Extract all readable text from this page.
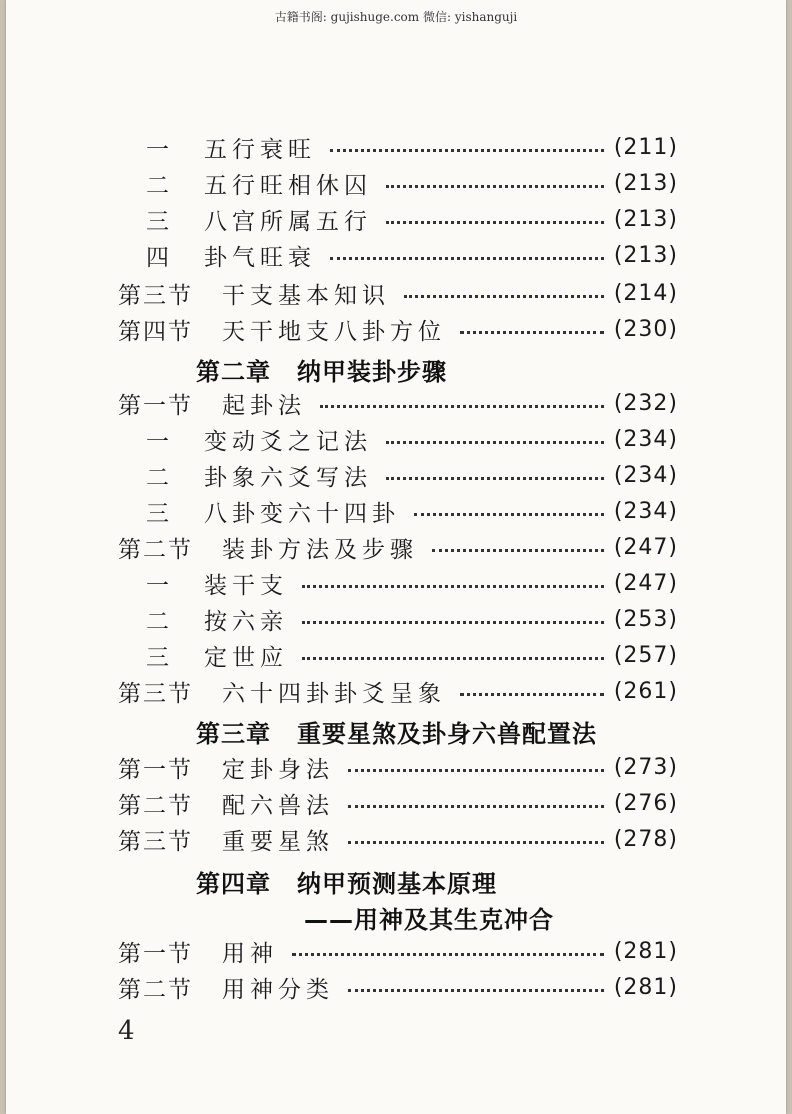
古籍书阁: gujishuge.com 微信: yishanguji
一	五行衰旺	(211)
二	五行旺相休囚	(213)
三	八宫所属五行	(213)
四	卦气旺衰	(213)
第三节	干支基本知识	(214)
第四节	天干地支八卦方位	(230)
第二章 纳甲装卦步骤
第一节	起卦法	(232)
一	变动爻之记法	(234)
二	卦象六爻写法	(234)
三	八卦变六十四卦	(234)
第二节	装卦方法及步骤	(247)
一	装干支	(247)
二	按六亲	(253)
三	定世应	(257)
第三节	六十四卦卦爻呈象	(261)
第三章 重要星煞及卦身六兽配置法
第一节	定卦身法	(273)
第二节	配六兽法	(276)
第三节	重要星煞	(278)
第四章 纳甲预测基本原理
——用神及其生克冲合
第一节	用神	(281)
第二节	用神分类	(281)
4
